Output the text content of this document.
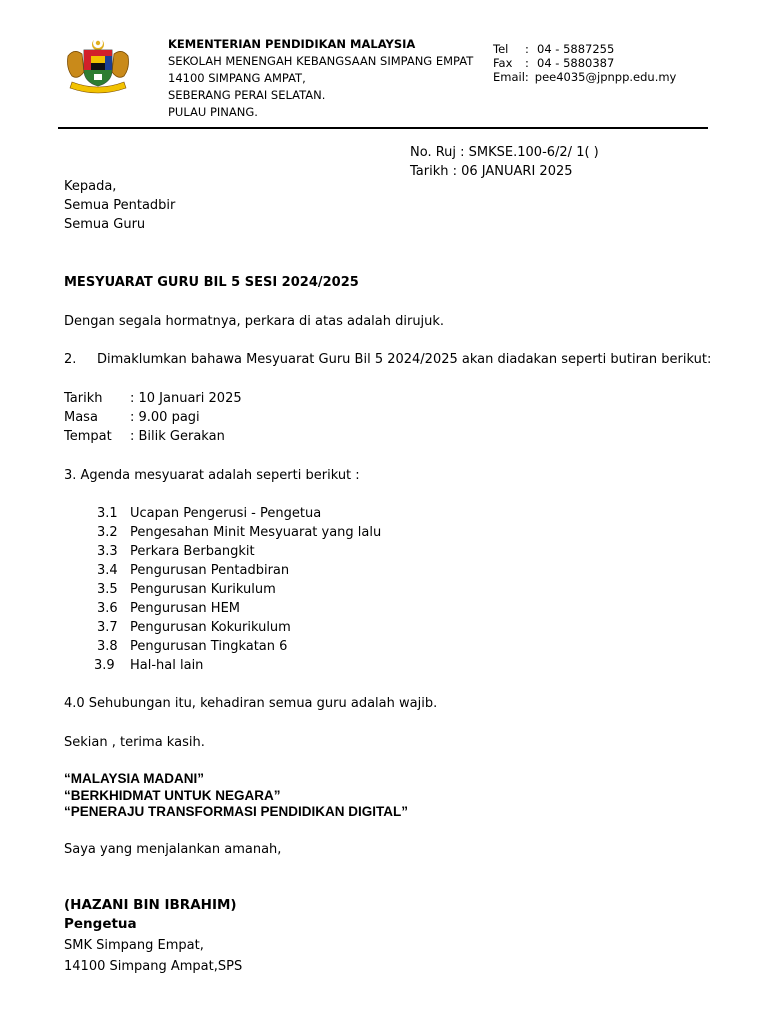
KEMENTERIAN PENDIDIKAN MALAYSIA
SEKOLAH MENENGAH KEBANGSAAN SIMPANG EMPAT
14100 SIMPANG AMPAT,
SEBERANG PERAI SELATAN.
PULAU PINANG.
Tel	: 04 - 5887255
Fax	: 04 - 5880387
Email: pee4035@jpnpp.edu.my
No. Ruj : SMKSE.100-6/2/ 1( )
Tarikh : 06 JANUARI 2025
Kepada,
Semua Pentadbir
Semua Guru
MESYUARAT GURU BIL 5 SESI 2024/2025
Dengan segala hormatnya, perkara di atas adalah dirujuk.
2. Dimaklumkan bahawa Mesyuarat Guru Bil 5 2024/2025 akan diadakan seperti butiran berikut:
Tarikh	: 10 Januari 2025
Masa	: 9.00 pagi
Tempat	: Bilik Gerakan
3. Agenda mesyuarat adalah seperti berikut :
3.1 Ucapan Pengerusi - Pengetua
3.2 Pengesahan Minit Mesyuarat yang lalu
3.3 Perkara Berbangkit
3.4 Pengurusan Pentadbiran
3.5 Pengurusan Kurikulum
3.6 Pengurusan HEM
3.7 Pengurusan Kokurikulum
3.8 Pengurusan Tingkatan 6
3.9	Hal-hal lain
4.0 Sehubungan itu, kehadiran semua guru adalah wajib.
Sekian , terima kasih.
“MALAYSIA MADANI”
“BERKHIDMAT UNTUK NEGARA”
“PENERAJU TRANSFORMASI PENDIDIKAN DIGITAL”
Saya yang menjalankan amanah,
(HAZANI BIN IBRAHIM)
Pengetua
SMK Simpang Empat,
14100 Simpang Ampat,SPS
